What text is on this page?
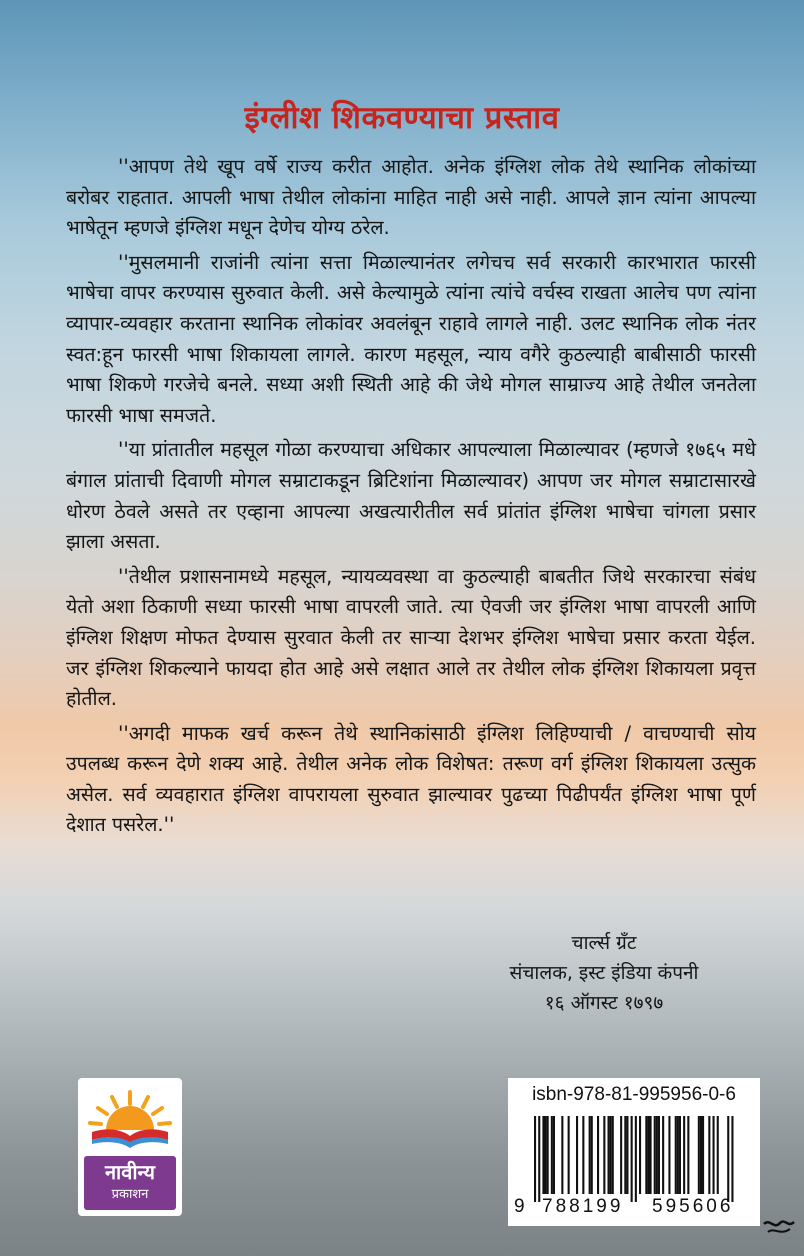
इंग्लीश शिकवण्याचा प्रस्ताव

''आपण तेथे खूप वर्षे राज्य करीत आहोत. अनेक इंग्लिश लोक तेथे स्थानिक लोकांच्या बरोबर राहतात. आपली भाषा तेथील लोकांना माहित नाही असे नाही. आपले ज्ञान त्यांना आपल्या भाषेतून म्हणजे इंग्लिश मधून देणेच योग्य ठरेल.

''मुसलमानी राजांनी त्यांना सत्ता मिळाल्यानंतर लगेचच सर्व सरकारी कारभारात फारसी भाषेचा वापर करण्यास सुरुवात केली. असे केल्यामुळे त्यांना त्यांचे वर्चस्व राखता आलेच पण त्यांना व्यापार-व्यवहार करताना स्थानिक लोकांवर अवलंबून राहावे लागले नाही. उलट स्थानिक लोक नंतर स्वत:हून फारसी भाषा शिकायला लागले. कारण महसूल, न्याय वगैरे कुठल्याही बाबीसाठी फारसी भाषा शिकणे गरजेचे बनले. सध्या अशी स्थिती आहे की जेथे मोगल साम्राज्य आहे तेथील जनतेला फारसी भाषा समजते.

''या प्रांतातील महसूल गोळा करण्याचा अधिकार आपल्याला मिळाल्यावर (म्हणजे १७६५ मधे बंगाल प्रांताची दिवाणी मोगल सम्राटाकडून ब्रिटिशांना मिळाल्यावर) आपण जर मोगल सम्राटासारखे धोरण ठेवले असते तर एव्हाना आपल्या अखत्यारीतील सर्व प्रांतांत इंग्लिश भाषेचा चांगला प्रसार झाला असता.

''तेथील प्रशासनामध्ये महसूल, न्यायव्यवस्था वा कुठल्याही बाबतीत जिथे सरकारचा संबंध येतो अशा ठिकाणी सध्या फारसी भाषा वापरली जाते. त्या ऐवजी जर इंग्लिश भाषा वापरली आणि इंग्लिश शिक्षण मोफत देण्यास सुरवात केली तर साऱ्या देशभर इंग्लिश भाषेचा प्रसार करता येईल. जर इंग्लिश शिकल्याने फायदा होत आहे असे लक्षात आले तर तेथील लोक इंग्लिश शिकायला प्रवृत्त होतील.

''अगदी माफक खर्च करून तेथे स्थानिकांसाठी इंग्लिश लिहिण्याची / वाचण्याची सोय उपलब्ध करून देणे शक्य आहे. तेथील अनेक लोक विशेषत: तरूण वर्ग इंग्लिश शिकायला उत्सुक असेल. सर्व व्यवहारात इंग्लिश वापरायला सुरुवात झाल्यावर पुढच्या पिढीपर्यंत इंग्लिश भाषा पूर्ण देशात पसरेल.''

चार्ल्स ग्रँट
संचालक, इस्ट इंडिया कंपनी
१६ ऑगस्ट १७९७
नावीन्य
प्रकाशन
isbn-978-81-995956-0-6
9 788199 595606
